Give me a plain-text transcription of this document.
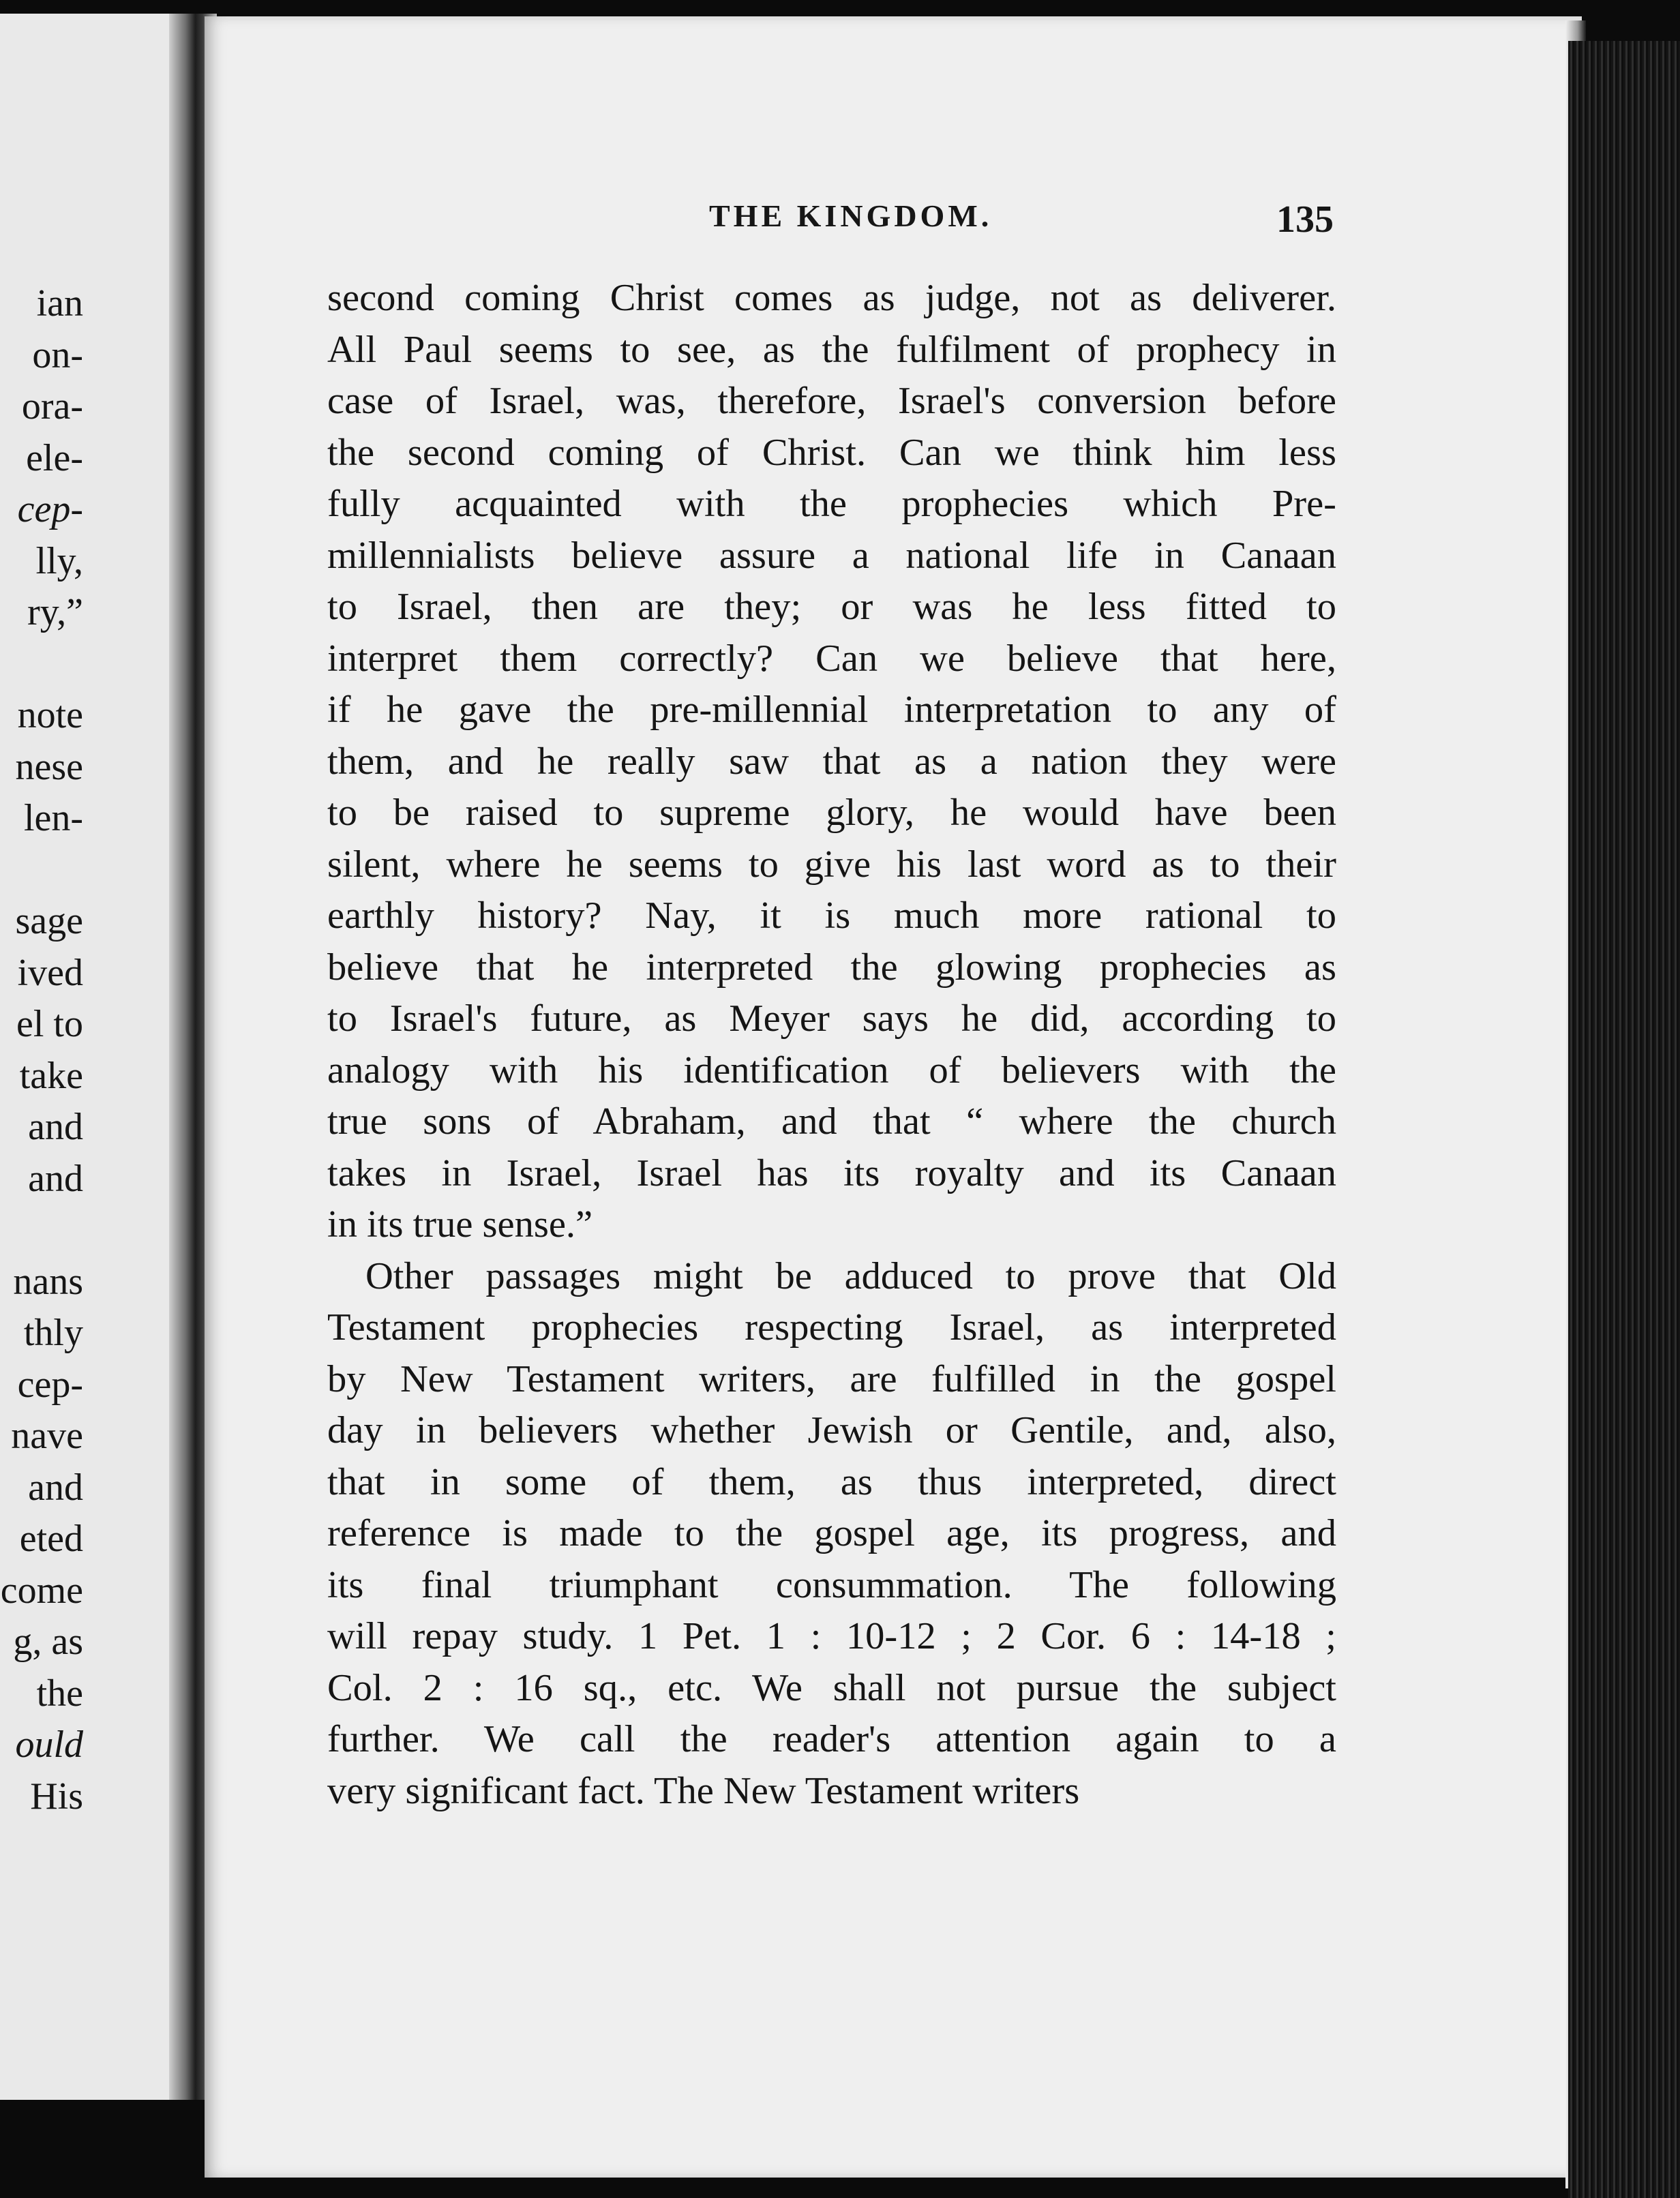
ian
on-
ora-
ele-
cep-
lly,
ry,”
note
nese
len-
sage
ived
el to
take
and
and
nans
thly
cep-
nave
and
eted
come
g, as
the
ould
His
THE KINGDOM.	135
second coming Christ comes as judge, not as deliverer.
All Paul seems to see, as the fulfilment of prophecy in
case of Israel, was, therefore, Israel's conversion before
the second coming of Christ. Can we think him less
fully acquainted with the prophecies which Pre-
millennialists believe assure a national life in Canaan
to Israel, then are they; or was he less fitted to
interpret them correctly? Can we believe that here,
if he gave the pre-millennial interpretation to any of
them, and he really saw that as a nation they were
to be raised to supreme glory, he would have been
silent, where he seems to give his last word as to their
earthly history? Nay, it is much more rational to
believe that he interpreted the glowing prophecies as
to Israel's future, as Meyer says he did, according to
analogy with his identification of believers with the
true sons of Abraham, and that “ where the church
takes in Israel, Israel has its royalty and its Canaan
in its true sense.”
Other passages might be adduced to prove that Old
Testament prophecies respecting Israel, as interpreted
by New Testament writers, are fulfilled in the gospel
day in believers whether Jewish or Gentile, and, also,
that in some of them, as thus interpreted, direct
reference is made to the gospel age, its progress, and
its final triumphant consummation. The following
will repay study. 1 Pet. 1 : 10-12 ; 2 Cor. 6 : 14-18 ;
Col. 2 : 16 sq., etc. We shall not pursue the subject
further. We call the reader's attention again to a
very significant fact. The New Testament writers
